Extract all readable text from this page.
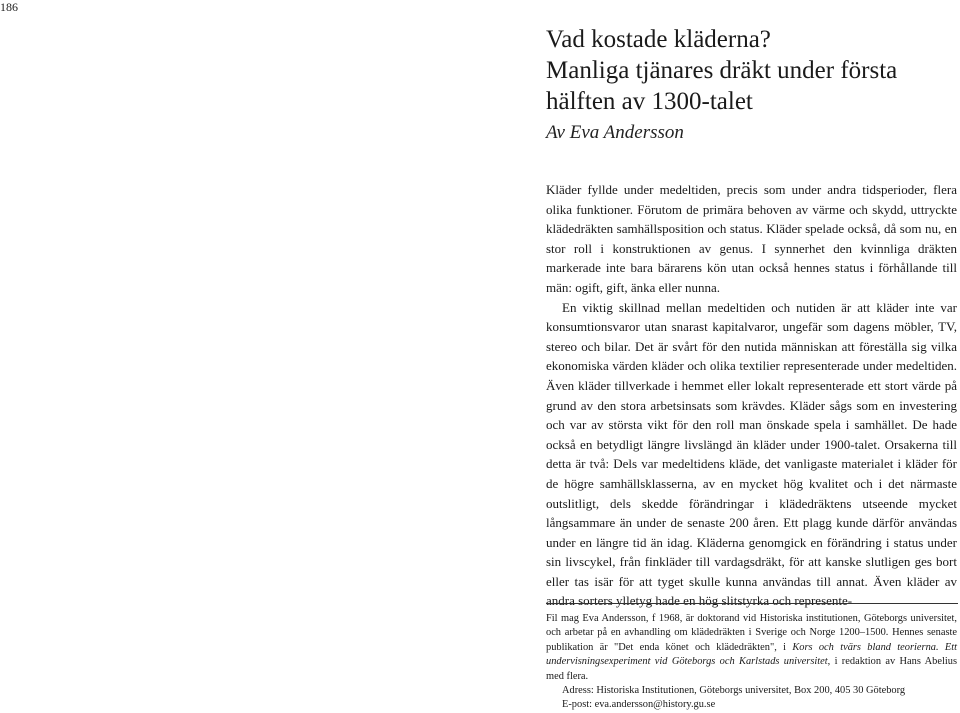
186
Vad kostade kläderna?
Manliga tjänares dräkt under första
hälften av 1300-talet
Av Eva Andersson

Kläder fyllde under medeltiden, precis som under andra tidsperioder, flera olika funktioner. Förutom de primära behoven av värme och skydd, uttryckte klädedräkten samhällsposition och status. Kläder spelade också, då som nu, en stor roll i konstruktionen av genus. I synnerhet den kvinnliga dräkten markerade inte bara bärarens kön utan också hennes status i förhållande till män: ogift, gift, änka eller nunna.

En viktig skillnad mellan medeltiden och nutiden är att kläder inte var konsumtionsvaror utan snarast kapitalvaror, ungefär som dagens möbler, TV, stereo och bilar. Det är svårt för den nutida människan att föreställa sig vilka ekonomiska värden kläder och olika textilier representerade under medeltiden. Även kläder tillverkade i hemmet eller lokalt representerade ett stort värde på grund av den stora arbetsinsats som krävdes. Kläder sågs som en investering och var av största vikt för den roll man önskade spela i samhället. De hade också en betydligt längre livslängd än kläder under 1900-talet. Orsakerna till detta är två: Dels var medeltidens kläde, det vanligaste materialet i kläder för de högre samhällsklasserna, av en mycket hög kvalitet och i det närmaste outslitligt, dels skedde förändringar i klädedräktens utseende mycket långsammare än under de senaste 200 åren. Ett plagg kunde därför användas under en längre tid än idag. Kläderna genomgick en förändring i status under sin livscykel, från finkläder till vardagsdräkt, för att kanske slutligen ges bort eller tas isär för att tyget skulle kunna användas till annat. Även kläder av andra sorters ylletyg hade en hög slitstyrka och represente-

Fil mag Eva Andersson, f 1968, är doktorand vid Historiska institutionen, Göteborgs universitet, och arbetar på en avhandling om klädedräkten i Sverige och Norge 1200–1500. Hennes senaste publikation är "Det enda könet och klädedräkten", i Kors och tvärs bland teorierna. Ett undervisningsexperiment vid Göteborgs och Karlstads universitet, i redaktion av Hans Abelius med flera.

Adress: Historiska Institutionen, Göteborgs universitet, Box 200, 405 30 Göteborg

E-post: eva.andersson@history.gu.se
